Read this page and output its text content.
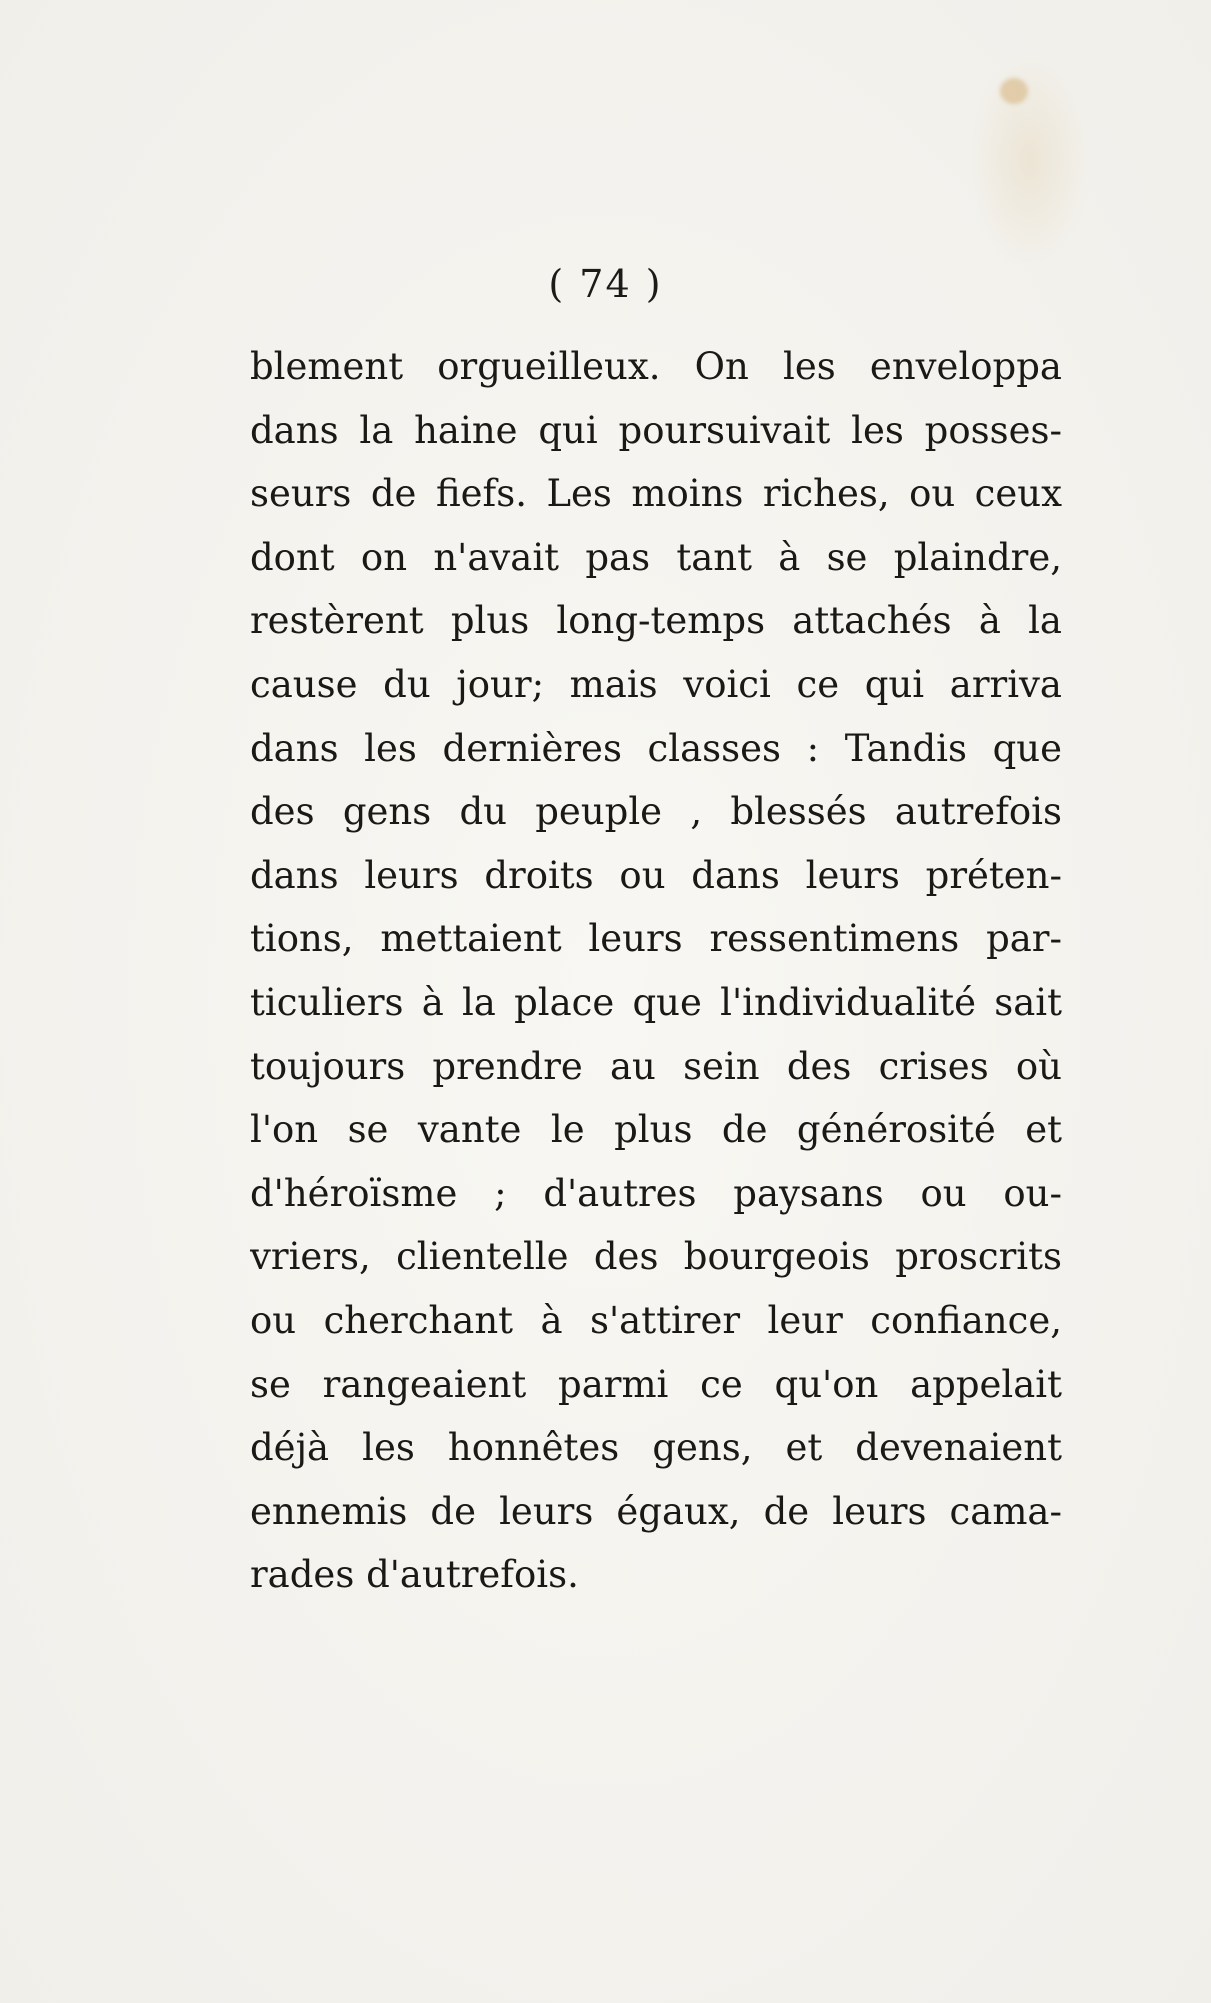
( 74 )
blement orgueilleux. On les enveloppa
dans la haine qui poursuivait les posses-
seurs de fiefs. Les moins riches, ou ceux
dont on n'avait pas tant à se plaindre,
restèrent plus long-temps attachés à la
cause du jour; mais voici ce qui arriva
dans les dernières classes : Tandis que
des gens du peuple , blessés autrefois
dans leurs droits ou dans leurs préten-
tions, mettaient leurs ressentimens par-
ticuliers à la place que l'individualité sait
toujours prendre au sein des crises où
l'on se vante le plus de générosité et
d'héroïsme ; d'autres paysans ou ou-
vriers, clientelle des bourgeois proscrits
ou cherchant à s'attirer leur confiance,
se rangeaient parmi ce qu'on appelait
déjà les honnêtes gens, et devenaient
ennemis de leurs égaux, de leurs cama-
rades d'autrefois.
